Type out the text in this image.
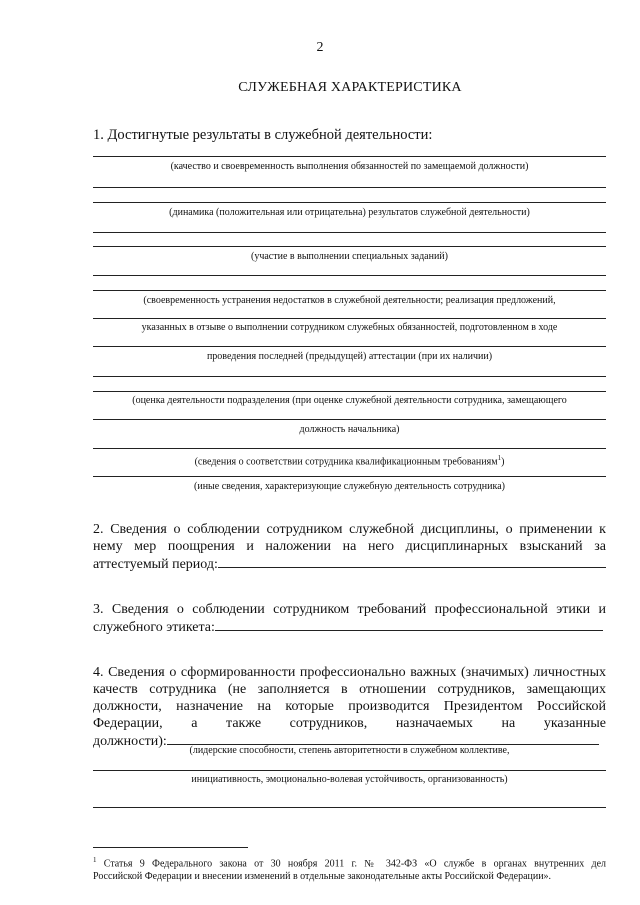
2
СЛУЖЕБНАЯ ХАРАКТЕРИСТИКА
1. Достигнутые результаты в служебной деятельности:
(качество и своевременность выполнения обязанностей по замещаемой должности)
(динамика (положительная или отрицательна) результатов служебной деятельности)
(участие в выполнении специальных заданий)
(своевременность устранения недостатков в служебной деятельности; реализация предложений,
указанных в отзыве о выполнении сотрудником служебных обязанностей, подготовленном в ходе
проведения последней (предыдущей) аттестации (при их наличии)
(оценка деятельности подразделения (при оценке служебной деятельности сотрудника, замещающего
должность начальника)
(сведения о соответствии сотрудника квалификационным требованиям$^1$)
(иные сведения, характеризующие служебную деятельность сотрудника)
2. Сведения о соблюдении сотрудником служебной дисциплины, о применении к
нему мер поощрения и наложении на него дисциплинарных взысканий за
аттестуемый период:
3. Сведения о соблюдении сотрудником требований профессиональной этики и
служебного этикета:
4. Сведения о сформированности профессионально важных (значимых) личностных
качеств сотрудника (не заполняется в отношении сотрудников, замещающих
должности, назначение на которые производится Президентом Российской
Федерации, а также сотрудников, назначаемых на указанные
должности):
(лидерские способности, степень авторитетности в служебном коллективе,
инициативность, эмоционально-волевая устойчивость, организованность)
$^1$ Статья 9 Федерального закона от 30 ноября 2011 г. № 342-ФЗ «О службе в органах внутренних дел
Российской Федерации и внесении изменений в отдельные законодательные акты Российской Федерации».
